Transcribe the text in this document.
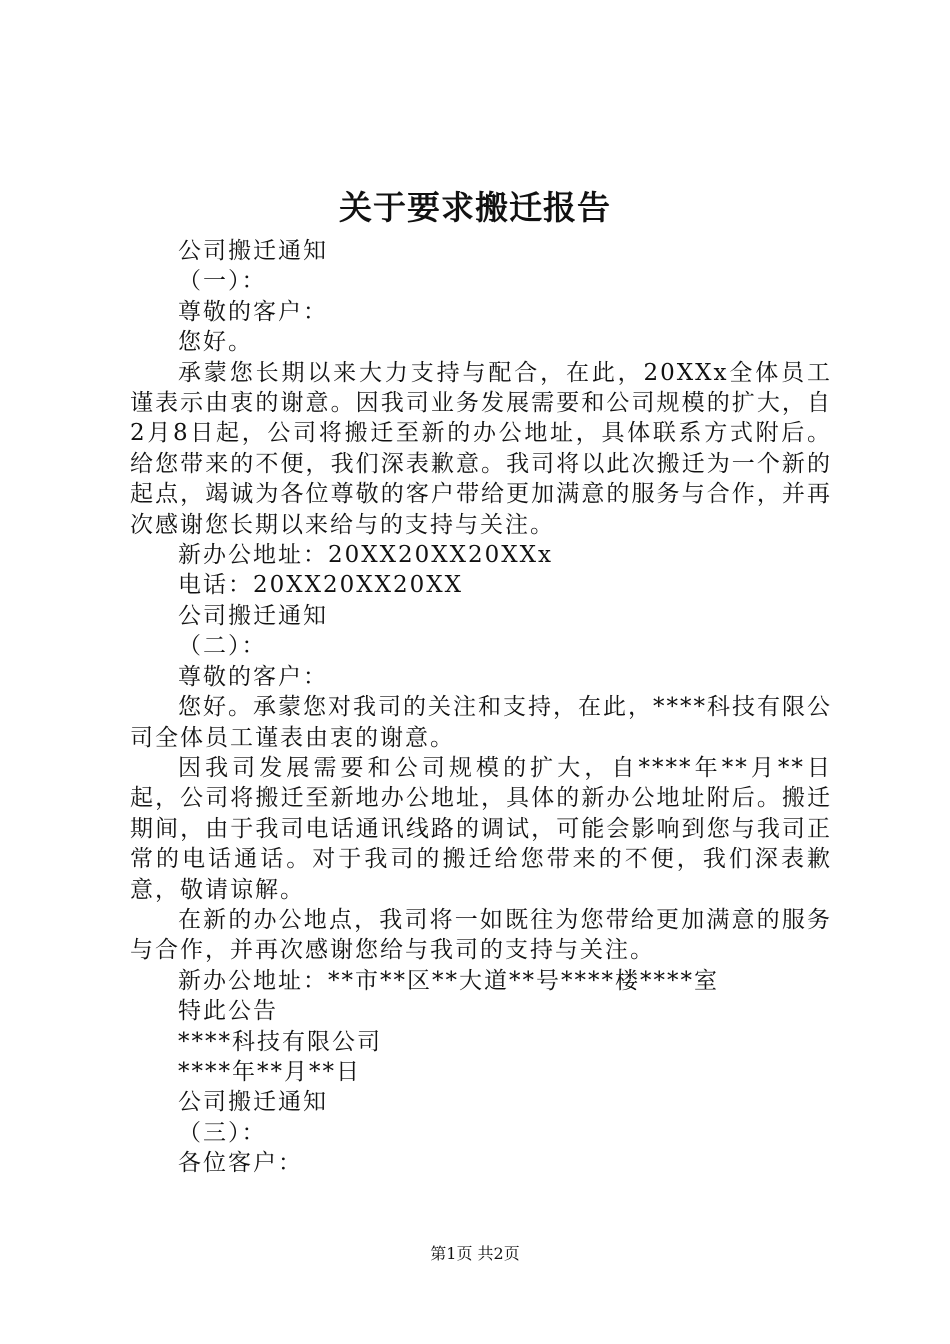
关于要求搬迁报告

公司搬迁通知

（一）：

尊敬的客户：

您好。

承蒙您长期以来大力支持与配合，在此，20XXx全体员工谨表示由衷的谢意。因我司业务发展需要和公司规模的扩大，自2月8日起，公司将搬迁至新的办公地址，具体联系方式附后。给您带来的不便，我们深表歉意。我司将以此次搬迁为一个新的起点，竭诚为各位尊敬的客户带给更加满意的服务与合作，并再次感谢您长期以来给与的支持与关注。

新办公地址：20XX20XX20XXx

电话：20XX20XX20XX

公司搬迁通知

（二）：

尊敬的客户：

您好。承蒙您对我司的关注和支持，在此，****科技有限公司全体员工谨表由衷的谢意。

因我司发展需要和公司规模的扩大，自****年**月**日起，公司将搬迁至新地办公地址，具体的新办公地址附后。搬迁期间，由于我司电话通讯线路的调试，可能会影响到您与我司正常的电话通话。对于我司的搬迁给您带来的不便，我们深表歉意，敬请谅解。

在新的办公地点，我司将一如既往为您带给更加满意的服务与合作，并再次感谢您给与我司的支持与关注。

新办公地址：**市**区**大道**号****楼****室

特此公告

****科技有限公司

****年**月**日

公司搬迁通知

（三）：

各位客户：

第1页 共2页
